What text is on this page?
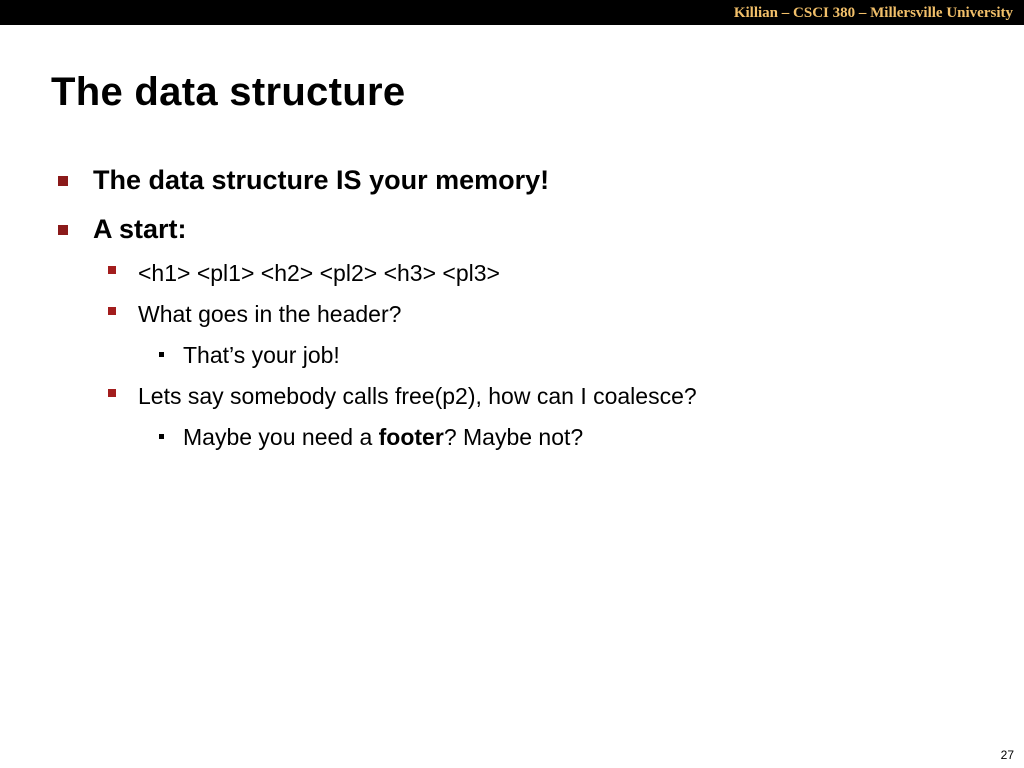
Killian – CSCI 380 – Millersville University
The data structure
The data structure IS your memory!
A start:
<h1> <pl1> <h2> <pl2> <h3> <pl3>
What goes in the header?
That’s your job!
Lets say somebody calls free(p2), how can I coalesce?
Maybe you need a footer? Maybe not?
27
